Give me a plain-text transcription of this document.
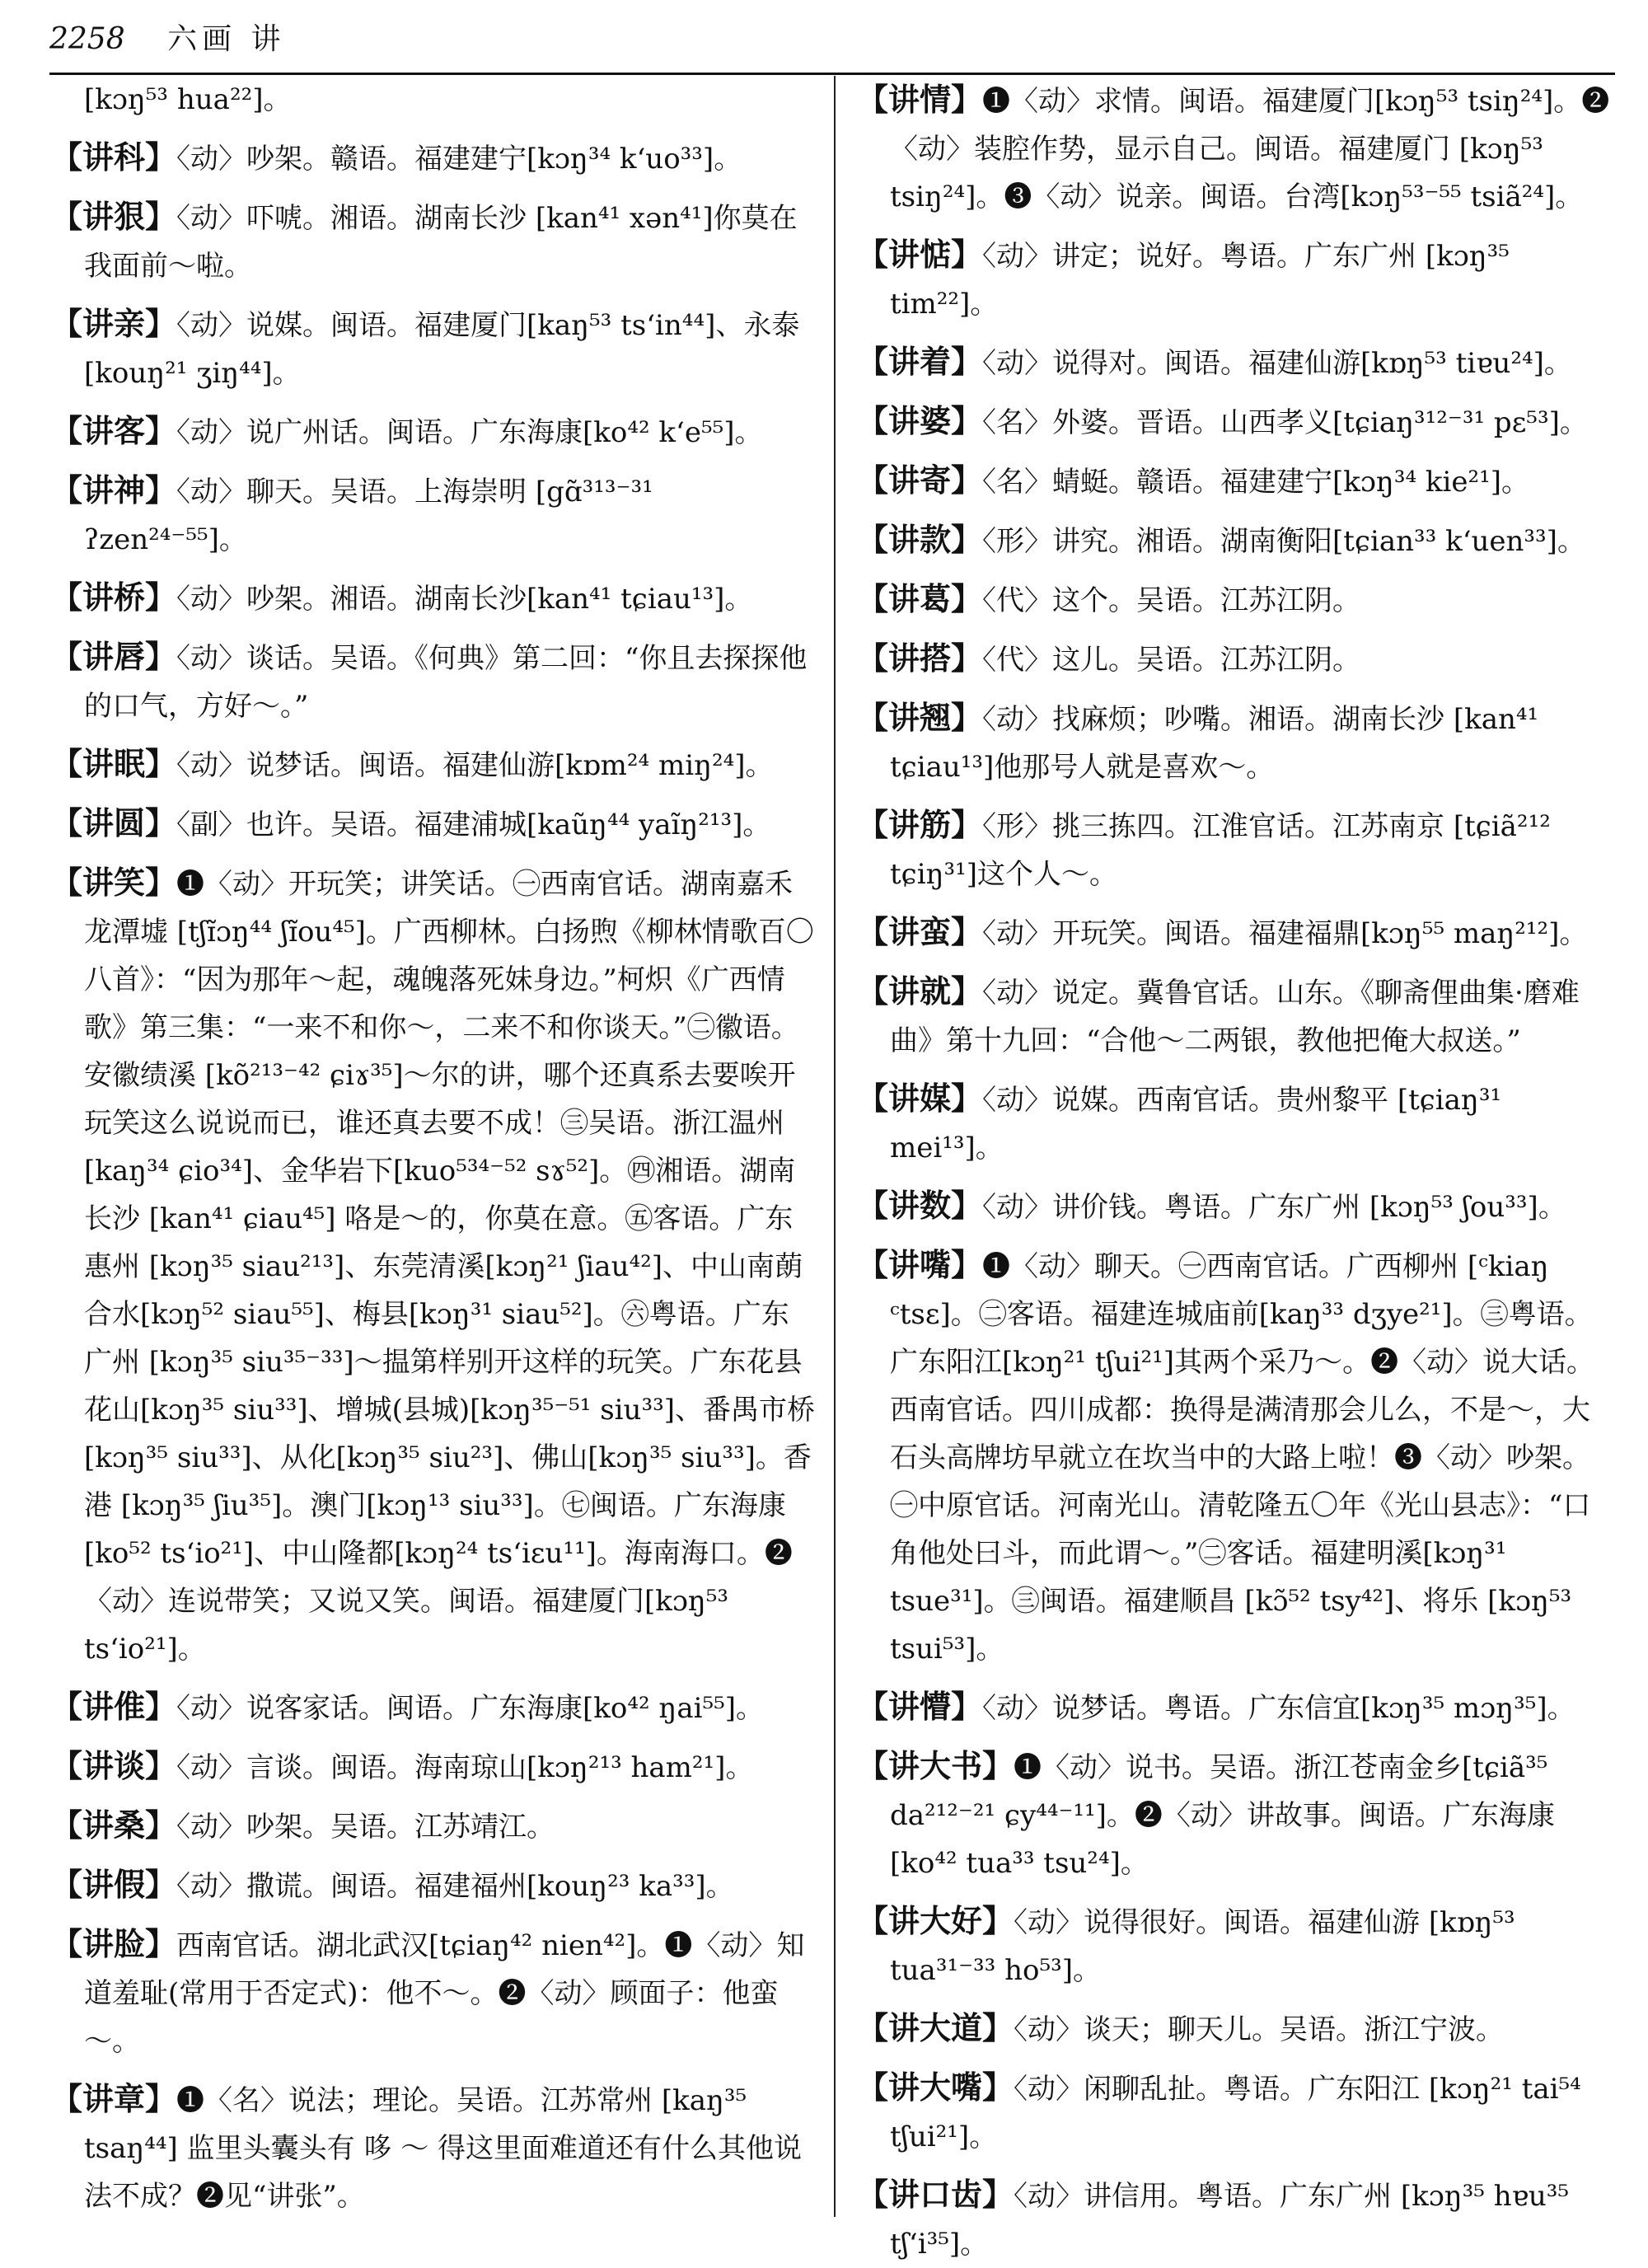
2258 六画 讲

[kɔŋ⁵³ hua²²]。

【讲科】〈动〉吵架。赣语。福建建宁[kɔŋ³⁴ kʻuo³³]。

【讲狠】〈动〉吓唬。湘语。湖南长沙 [kan⁴¹ xən⁴¹]你莫在我面前～啦。

【讲亲】〈动〉说媒。闽语。福建厦门[kaŋ⁵³ tsʻin⁴⁴]、永泰[kouŋ²¹ ʒiŋ⁴⁴]。

【讲客】〈动〉说广州话。闽语。广东海康[ko⁴² kʻe⁵⁵]。

【讲神】〈动〉聊天。吴语。上海崇明 [gɑ̃³¹³⁻³¹ ʔzen²⁴⁻⁵⁵]。

【讲桥】〈动〉吵架。湘语。湖南长沙[kan⁴¹ tɕiau¹³]。

【讲唇】〈动〉谈话。吴语。《何典》第二回：“你且去探探他的口气，方好～。”

【讲眠】〈动〉说梦话。闽语。福建仙游[kɒm²⁴ miŋ²⁴]。

【讲圆】〈副〉也许。吴语。福建浦城[kaũŋ⁴⁴ yaĩŋ²¹³]。

【讲笑】❶〈动〉开玩笑；讲笑话。㊀西南官话。湖南嘉禾龙潭墟 [tʃɪ̃ɔŋ⁴⁴ ʃɪ̃ou⁴⁵]。广西柳林。白扬煦《柳林情歌百〇八首》：“因为那年～起，魂魄落死妹身边。”柯炽《广西情歌》第三集：“一来不和你～，二来不和你谈天。”㊁徽语。安徽绩溪 [kõ²¹³⁻⁴² ɕiɤ³⁵]～尔的讲，哪个还真系去要唉开玩笑这么说说而已，谁还真去要不成！㊂吴语。浙江温州[kaŋ³⁴ ɕio³⁴]、金华岩下[kuo⁵³⁴⁻⁵² sɤ⁵²]。㊃湘语。湖南长沙 [kan⁴¹ ɕiau⁴⁵] 咯是～的，你莫在意。㊄客语。广东惠州 [kɔŋ³⁵ siau²¹³]、东莞清溪[kɔŋ²¹ ʃiau⁴²]、中山南蓢合水[kɔŋ⁵² siau⁵⁵]、梅县[kɔŋ³¹ siau⁵²]。㊅粤语。广东广州 [kɔŋ³⁵ siu³⁵⁻³³]～揾第样别开这样的玩笑。广东花县花山[kɔŋ³⁵ siu³³]、增城(县城)[kɔŋ³⁵⁻⁵¹ siu³³]、番禺市桥[kɔŋ³⁵ siu³³]、从化[kɔŋ³⁵ siu²³]、佛山[kɔŋ³⁵ siu³³]。香港 [kɔŋ³⁵ ʃiu³⁵]。澳门[kɔŋ¹³ siu³³]。㊆闽语。广东海康[ko⁵² tsʻio²¹]、中山隆都[kɔŋ²⁴ tsʻiɛu¹¹]。海南海口。❷〈动〉连说带笑；又说又笑。闽语。福建厦门[kɔŋ⁵³ tsʻio²¹]。

【讲倠】〈动〉说客家话。闽语。广东海康[ko⁴² ŋai⁵⁵]。

【讲谈】〈动〉言谈。闽语。海南琼山[kɔŋ²¹³ ham²¹]。

【讲桑】〈动〉吵架。吴语。江苏靖江。

【讲假】〈动〉撒谎。闽语。福建福州[kouŋ²³ ka³³]。

【讲脸】西南官话。湖北武汉[tɕiaŋ⁴² nien⁴²]。❶〈动〉知道羞耻(常用于否定式)：他不～。❷〈动〉顾面子：他蛮～。

【讲章】❶〈名〉说法；理论。吴语。江苏常州 [kaŋ³⁵ tsaŋ⁴⁴] 监里头囊头有 哆 ～ 得这里面难道还有什么其他说法不成？❷见“讲张”。

【讲情】❶〈动〉求情。闽语。福建厦门[kɔŋ⁵³ tsiŋ²⁴]。❷〈动〉装腔作势，显示自己。闽语。福建厦门 [kɔŋ⁵³ tsiŋ²⁴]。❸〈动〉说亲。闽语。台湾[kɔŋ⁵³⁻⁵⁵ tsiã²⁴]。

【讲惦】〈动〉讲定；说好。粤语。广东广州 [kɔŋ³⁵ tim²²]。

【讲着】〈动〉说得对。闽语。福建仙游[kɒŋ⁵³ tiɐu²⁴]。

【讲婆】〈名〉外婆。晋语。山西孝义[tɕiaŋ³¹²⁻³¹ pɛ⁵³]。

【讲寄】〈名〉蜻蜓。赣语。福建建宁[kɔŋ³⁴ kie²¹]。

【讲款】〈形〉讲究。湘语。湖南衡阳[tɕian³³ kʻuen³³]。

【讲葛】〈代〉这个。吴语。江苏江阴。

【讲搭】〈代〉这儿。吴语。江苏江阴。

【讲翘】〈动〉找麻烦；吵嘴。湘语。湖南长沙 [kan⁴¹ tɕiau¹³]他那号人就是喜欢～。

【讲筋】〈形〉挑三拣四。江淮官话。江苏南京 [tɕiã²¹² tɕiŋ³¹]这个人～。

【讲蛮】〈动〉开玩笑。闽语。福建福鼎[kɔŋ⁵⁵ maŋ²¹²]。

【讲就】〈动〉说定。冀鲁官话。山东。《聊斋俚曲集·磨难曲》第十九回：“合他～二两银，教他把俺大叔送。”

【讲媒】〈动〉说媒。西南官话。贵州黎平 [tɕiaŋ³¹ mei¹³]。

【讲数】〈动〉讲价钱。粤语。广东广州 [kɔŋ⁵³ ʃou³³]。

【讲嘴】❶〈动〉聊天。㊀西南官话。广西柳州 [ᶜkiaŋ ᶜtsɛ]。㊁客语。福建连城庙前[kaŋ³³ dʒye²¹]。㊂粤语。广东阳江[kɔŋ²¹ tʃui²¹]其两个采乃～。❷〈动〉说大话。西南官话。四川成都：换得是满清那会儿么，不是～，大石头高牌坊早就立在坎当中的大路上啦！❸〈动〉吵架。㊀中原官话。河南光山。清乾隆五〇年《光山县志》：“口角他处曰斗，而此谓～。”㊁客话。福建明溪[kɔŋ³¹ tsue³¹]。㊂闽语。福建顺昌 [kɔ̃⁵² tsy⁴²]、将乐 [kɔŋ⁵³ tsui⁵³]。

【讲懵】〈动〉说梦话。粤语。广东信宜[kɔŋ³⁵ mɔŋ³⁵]。

【讲大书】❶〈动〉说书。吴语。浙江苍南金乡[tɕiã³⁵ da²¹²⁻²¹ ɕy⁴⁴⁻¹¹]。❷〈动〉讲故事。闽语。广东海康 [ko⁴² tua³³ tsu²⁴]。

【讲大好】〈动〉说得很好。闽语。福建仙游 [kɒŋ⁵³ tua³¹⁻³³ ho⁵³]。

【讲大道】〈动〉谈天；聊天儿。吴语。浙江宁波。

【讲大嘴】〈动〉闲聊乱扯。粤语。广东阳江 [kɔŋ²¹ tai⁵⁴ tʃui²¹]。

【讲口齿】〈动〉讲信用。粤语。广东广州 [kɔŋ³⁵ hɐu³⁵ tʃʻi³⁵]。
